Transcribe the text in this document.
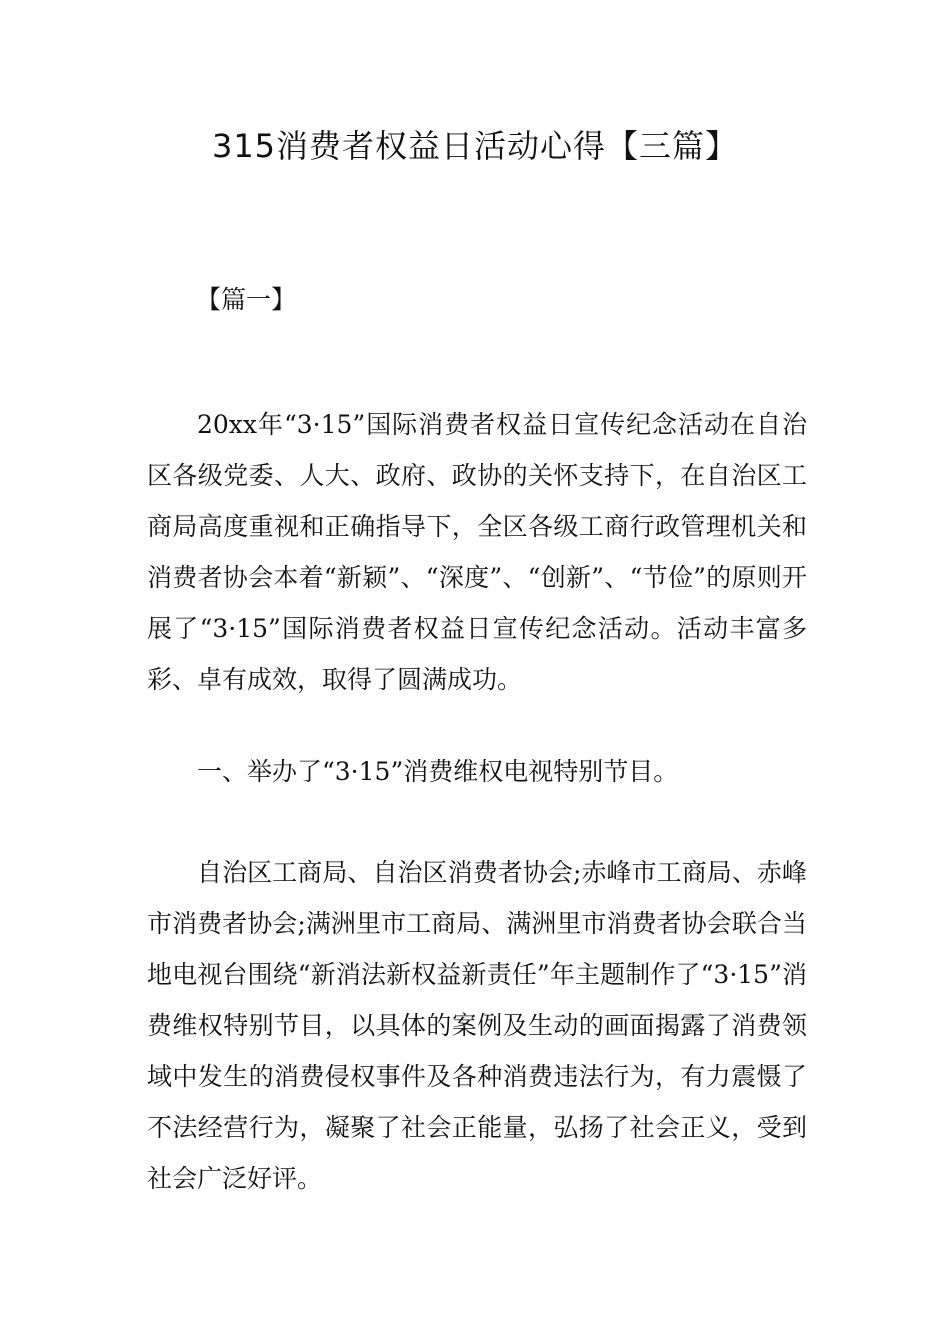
315消费者权益日活动心得【三篇】
【篇一】

20xx年“3·15”国际消费者权益日宣传纪念活动在自治区各级党委、人大、政府、政协的关怀支持下，在自治区工商局高度重视和正确指导下，全区各级工商行政管理机关和消费者协会本着“新颖”、“深度”、“创新”、“节俭”的原则开展了“3·15”国际消费者权益日宣传纪念活动。活动丰富多彩、卓有成效，取得了圆满成功。

一、举办了“3·15”消费维权电视特别节目。

自治区工商局、自治区消费者协会;赤峰市工商局、赤峰市消费者协会;满洲里市工商局、满洲里市消费者协会联合当地电视台围绕“新消法新权益新责任”年主题制作了“3·15”消费维权特别节目，以具体的案例及生动的画面揭露了消费领域中发生的消费侵权事件及各种消费违法行为，有力震慑了不法经营行为，凝聚了社会正能量，弘扬了社会正义，受到社会广泛好评。
